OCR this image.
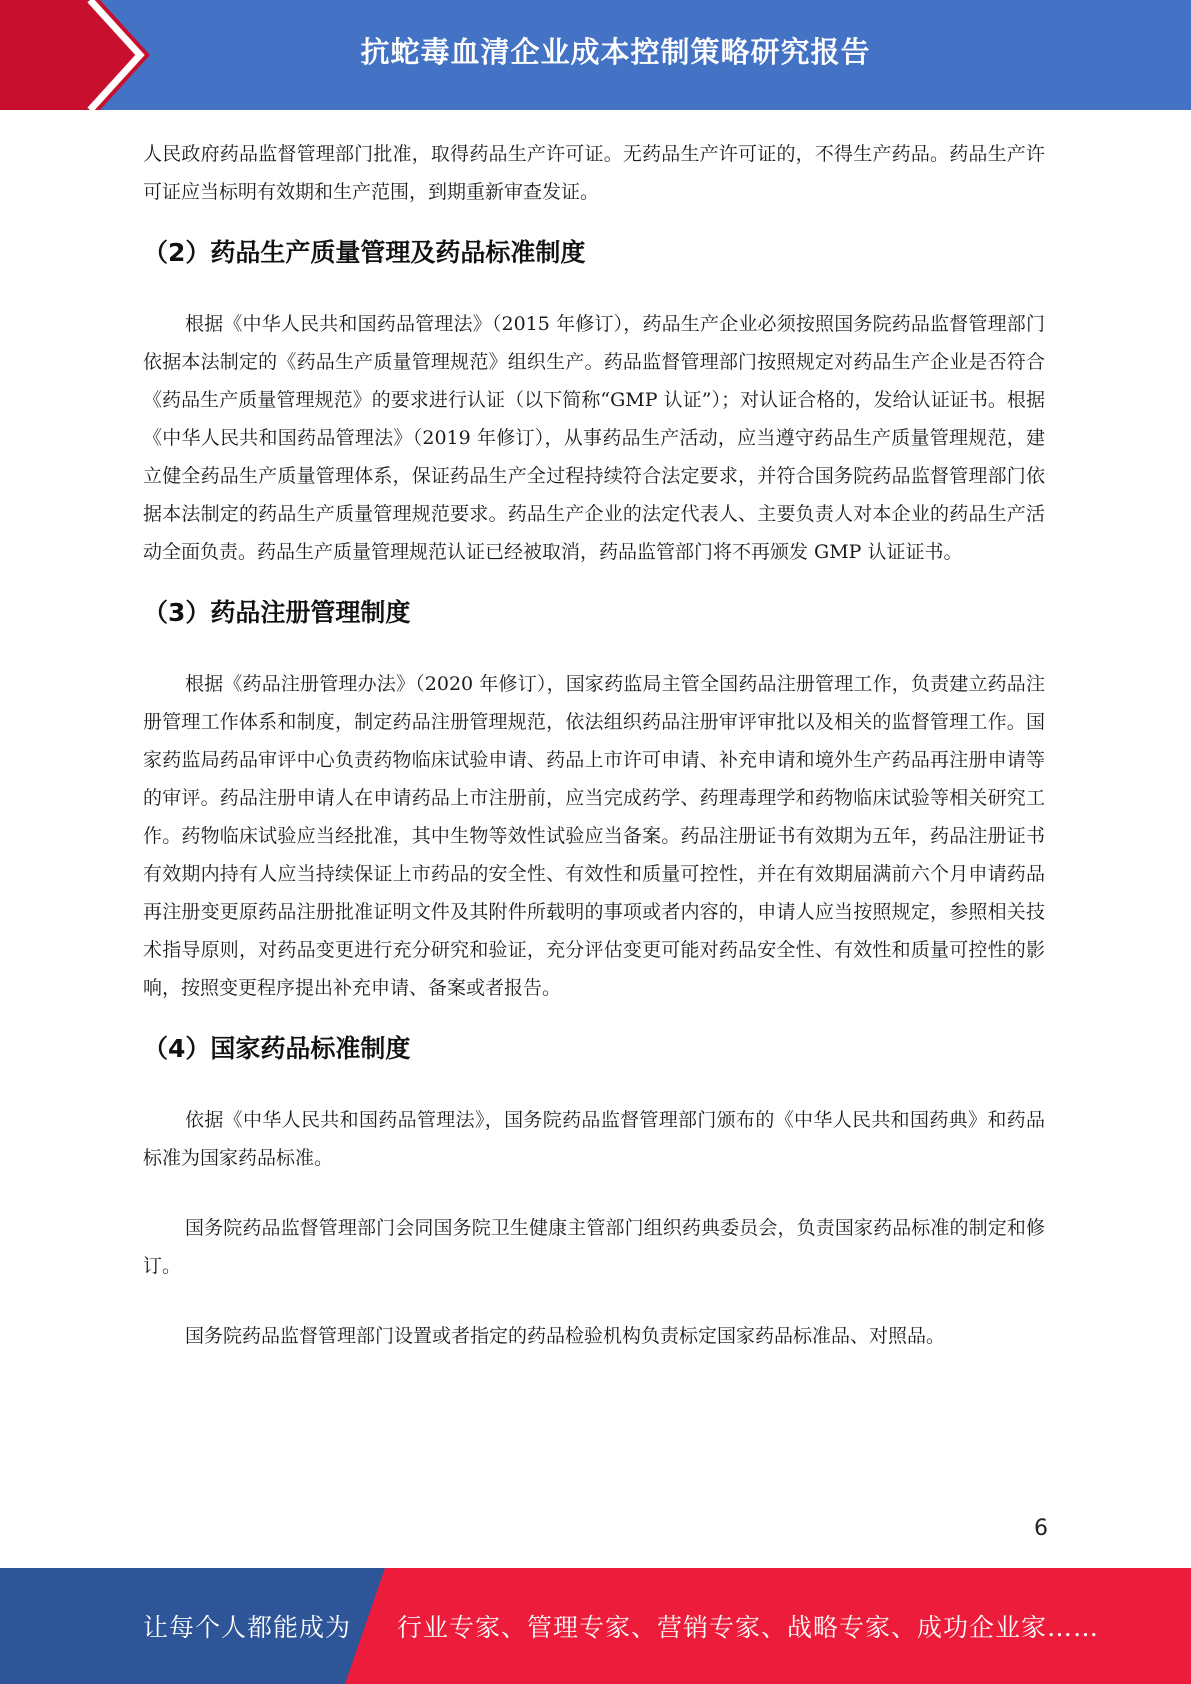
抗蛇毒血清企业成本控制策略研究报告

人民政府药品监督管理部门批准，取得药品生产许可证。无药品生产许可证的，不得生产药品。药品生产许可证应当标明有效期和生产范围，到期重新审查发证。

（2）药品生产质量管理及药品标准制度

根据《中华人民共和国药品管理法》（2015 年修订），药品生产企业必须按照国务院药品监督管理部门依据本法制定的《药品生产质量管理规范》组织生产。药品监督管理部门按照规定对药品生产企业是否符合《药品生产质量管理规范》的要求进行认证（以下简称“GMP 认证”）；对认证合格的，发给认证证书。根据《中华人民共和国药品管理法》（2019 年修订），从事药品生产活动，应当遵守药品生产质量管理规范，建立健全药品生产质量管理体系，保证药品生产全过程持续符合法定要求，并符合国务院药品监督管理部门依据本法制定的药品生产质量管理规范要求。药品生产企业的法定代表人、主要负责人对本企业的药品生产活动全面负责。药品生产质量管理规范认证已经被取消，药品监管部门将不再颁发 GMP 认证证书。

（3）药品注册管理制度

根据《药品注册管理办法》（2020 年修订），国家药监局主管全国药品注册管理工作，负责建立药品注册管理工作体系和制度，制定药品注册管理规范，依法组织药品注册审评审批以及相关的监督管理工作。国家药监局药品审评中心负责药物临床试验申请、药品上市许可申请、补充申请和境外生产药品再注册申请等的审评。药品注册申请人在申请药品上市注册前，应当完成药学、药理毒理学和药物临床试验等相关研究工作。药物临床试验应当经批准，其中生物等效性试验应当备案。药品注册证书有效期为五年，药品注册证书有效期内持有人应当持续保证上市药品的安全性、有效性和质量可控性，并在有效期届满前六个月申请药品再注册变更原药品注册批准证明文件及其附件所载明的事项或者内容的，申请人应当按照规定，参照相关技术指导原则，对药品变更进行充分研究和验证，充分评估变更可能对药品安全性、有效性和质量可控性的影响，按照变更程序提出补充申请、备案或者报告。

（4）国家药品标准制度

依据《中华人民共和国药品管理法》，国务院药品监督管理部门颁布的《中华人民共和国药典》和药品标准为国家药品标准。

国务院药品监督管理部门会同国务院卫生健康主管部门组织药典委员会，负责国家药品标准的制定和修订。

国务院药品监督管理部门设置或者指定的药品检验机构负责标定国家药品标准品、对照品。

6
让每个人都能成为 行业专家、管理专家、营销专家、战略专家、成功企业家……
